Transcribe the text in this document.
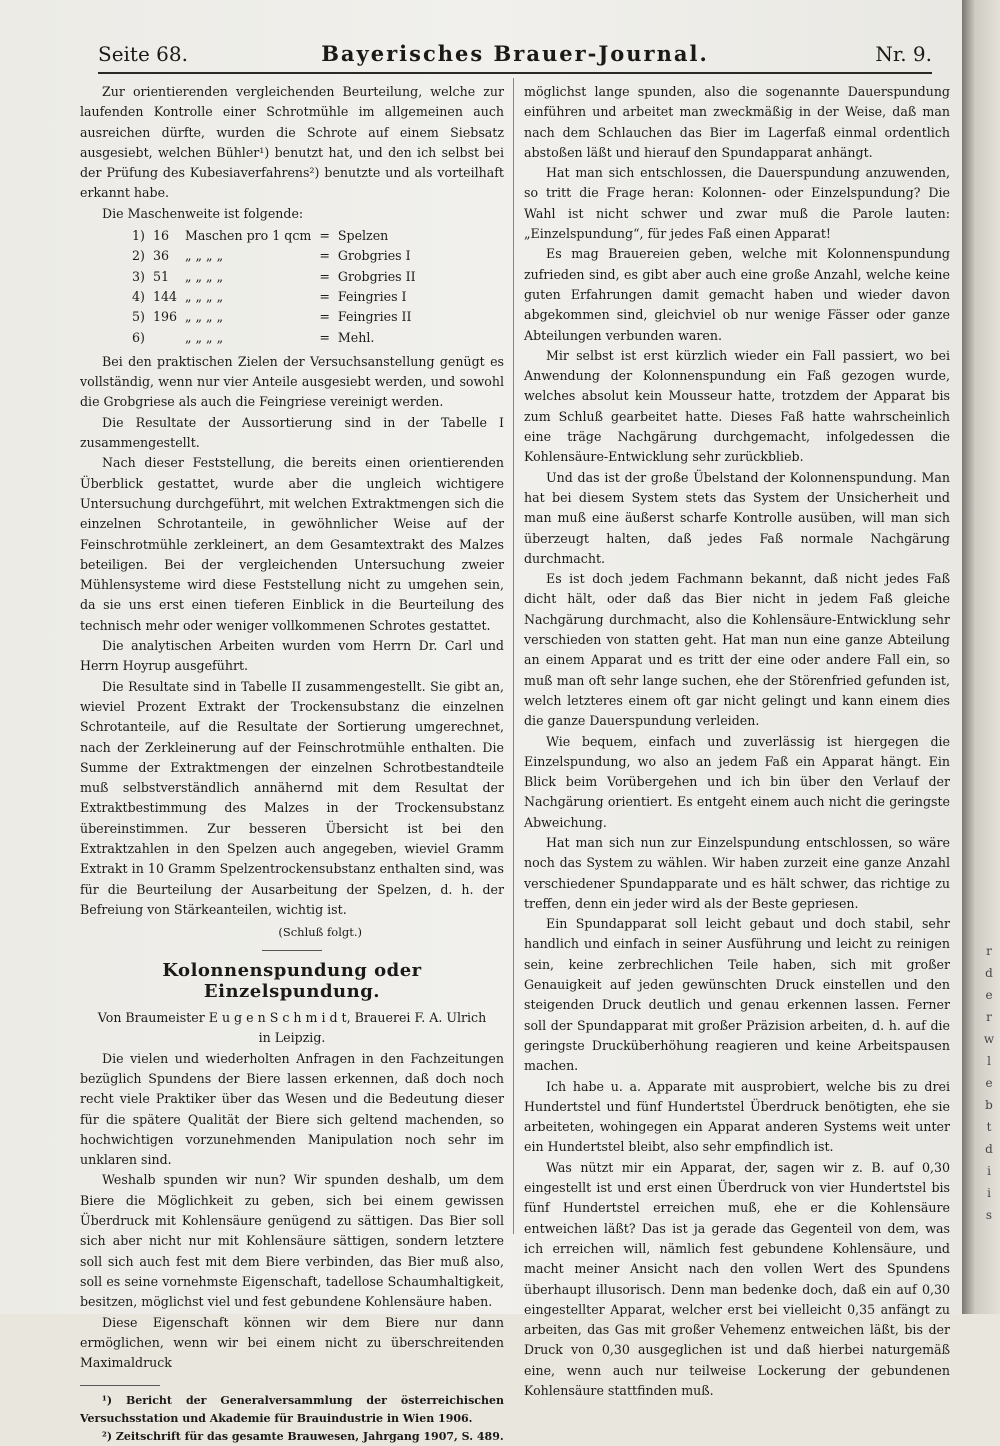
Seite 68.	Bayerisches Brauer-Journal.	Nr. 9.

Zur orientierenden vergleichenden Beurteilung, welche zur laufenden Kontrolle einer Schrotmühle im allgemeinen auch ausreichen dürfte, wurden die Schrote auf einem Siebsatz ausgesiebt, welchen Bühler¹) benutzt hat, und den ich selbst bei der Prüfung des Kubesiaverfahrens²) benutzte und als vorteilhaft erkannt habe.

Die Maschenweite ist folgende:

1)	16	Maschen pro 1 qcm	=	Spelzen
2)	36	„ „ „ „	=	Grobgries I
3)	51	„ „ „ „	=	Grobgries II
4)	144	„ „ „ „	=	Feingries I
5)	196	„ „ „ „	=	Feingries II
6)		„ „ „ „	=	Mehl.

Bei den praktischen Zielen der Versuchsanstellung genügt es vollständig, wenn nur vier Anteile ausgesiebt werden, und sowohl die Grobgriese als auch die Feingriese vereinigt werden.

Die Resultate der Aussortierung sind in der Tabelle I zusammengestellt.

Nach dieser Feststellung, die bereits einen orientierenden Überblick gestattet, wurde aber die ungleich wichtigere Untersuchung durchgeführt, mit welchen Extraktmengen sich die einzelnen Schrotanteile, in gewöhnlicher Weise auf der Feinschrotmühle zerkleinert, an dem Gesamtextrakt des Malzes beteiligen. Bei der vergleichenden Untersuchung zweier Mühlensysteme wird diese Feststellung nicht zu umgehen sein, da sie uns erst einen tieferen Einblick in die Beurteilung des technisch mehr oder weniger vollkommenen Schrotes gestattet.

Die analytischen Arbeiten wurden vom Herrn Dr. Carl und Herrn Hoyrup ausgeführt.

Die Resultate sind in Tabelle II zusammengestellt. Sie gibt an, wieviel Prozent Extrakt der Trockensubstanz die einzelnen Schrotanteile, auf die Resultate der Sortierung umgerechnet, nach der Zerkleinerung auf der Feinschrotmühle enthalten. Die Summe der Extraktmengen der einzelnen Schrotbestandteile muß selbstverständlich annähernd mit dem Resultat der Extraktbestimmung des Malzes in der Trockensubstanz übereinstimmen. Zur besseren Übersicht ist bei den Extraktzahlen in den Spelzen auch angegeben, wieviel Gramm Extrakt in 10 Gramm Spelzentrockensubstanz enthalten sind, was für die Beurteilung der Ausarbeitung der Spelzen, d. h. der Befreiung von Stärkeanteilen, wichtig ist.

(Schluß folgt.)

Kolonnenspundung oder Einzelspundung.

Von Braumeister E u g e n S c h m i d t, Brauerei F. A. Ulrich

in Leipzig.

Die vielen und wiederholten Anfragen in den Fachzeitungen bezüglich Spundens der Biere lassen erkennen, daß doch noch recht viele Praktiker über das Wesen und die Bedeutung dieser für die spätere Qualität der Biere sich geltend machenden, so hochwichtigen vorzunehmenden Manipulation noch sehr im unklaren sind.

Weshalb spunden wir nun? Wir spunden deshalb, um dem Biere die Möglichkeit zu geben, sich bei einem gewissen Überdruck mit Kohlensäure genügend zu sättigen. Das Bier soll sich aber nicht nur mit Kohlensäure sättigen, sondern letztere soll sich auch fest mit dem Biere verbinden, das Bier muß also, soll es seine vornehmste Eigenschaft, tadellose Schaumhaltigkeit, besitzen, möglichst viel und fest gebundene Kohlensäure haben.

Diese Eigenschaft können wir dem Biere nur dann ermöglichen, wenn wir bei einem nicht zu überschreitenden Maximaldruck

¹) Bericht der Generalversammlung der österreichischen Versuchsstation und Akademie für Brauindustrie in Wien 1906.

²) Zeitschrift für das gesamte Brauwesen, Jahrgang 1907, S. 489.

möglichst lange spunden, also die sogenannte Dauerspundung einführen und arbeitet man zweckmäßig in der Weise, daß man nach dem Schlauchen das Bier im Lagerfaß einmal ordentlich abstoßen läßt und hierauf den Spundapparat anhängt.

Hat man sich entschlossen, die Dauerspundung anzuwenden, so tritt die Frage heran: Kolonnen- oder Einzelspundung? Die Wahl ist nicht schwer und zwar muß die Parole lauten: „Einzelspundung“, für jedes Faß einen Apparat!

Es mag Brauereien geben, welche mit Kolonnenspundung zufrieden sind, es gibt aber auch eine große Anzahl, welche keine guten Erfahrungen damit gemacht haben und wieder davon abgekommen sind, gleichviel ob nur wenige Fässer oder ganze Abteilungen verbunden waren.

Mir selbst ist erst kürzlich wieder ein Fall passiert, wo bei Anwendung der Kolonnenspundung ein Faß gezogen wurde, welches absolut kein Mousseur hatte, trotzdem der Apparat bis zum Schluß gearbeitet hatte. Dieses Faß hatte wahrscheinlich eine träge Nachgärung durchgemacht, infolgedessen die Kohlensäure-Entwicklung sehr zurückblieb.

Und das ist der große Übelstand der Kolonnenspundung. Man hat bei diesem System stets das System der Unsicherheit und man muß eine äußerst scharfe Kontrolle ausüben, will man sich überzeugt halten, daß jedes Faß normale Nachgärung durchmacht.

Es ist doch jedem Fachmann bekannt, daß nicht jedes Faß dicht hält, oder daß das Bier nicht in jedem Faß gleiche Nachgärung durchmacht, also die Kohlensäure-Entwicklung sehr verschieden von statten geht. Hat man nun eine ganze Abteilung an einem Apparat und es tritt der eine oder andere Fall ein, so muß man oft sehr lange suchen, ehe der Störenfried gefunden ist, welch letzteres einem oft gar nicht gelingt und kann einem dies die ganze Dauerspundung verleiden.

Wie bequem, einfach und zuverlässig ist hiergegen die Einzelspundung, wo also an jedem Faß ein Apparat hängt. Ein Blick beim Vorübergehen und ich bin über den Verlauf der Nachgärung orientiert. Es entgeht einem auch nicht die geringste Abweichung.

Hat man sich nun zur Einzelspundung entschlossen, so wäre noch das System zu wählen. Wir haben zurzeit eine ganze Anzahl verschiedener Spundapparate und es hält schwer, das richtige zu treffen, denn ein jeder wird als der Beste gepriesen.

Ein Spundapparat soll leicht gebaut und doch stabil, sehr handlich und einfach in seiner Ausführung und leicht zu reinigen sein, keine zerbrechlichen Teile haben, sich mit großer Genauigkeit auf jeden gewünschten Druck einstellen und den steigenden Druck deutlich und genau erkennen lassen. Ferner soll der Spundapparat mit großer Präzision arbeiten, d. h. auf die geringste Drucküberhöhung reagieren und keine Arbeitspausen machen.

Ich habe u. a. Apparate mit ausprobiert, welche bis zu drei Hundertstel und fünf Hundertstel Überdruck benötigten, ehe sie arbeiteten, wohingegen ein Apparat anderen Systems weit unter ein Hundertstel bleibt, also sehr empfindlich ist.

Was nützt mir ein Apparat, der, sagen wir z. B. auf 0,30 eingestellt ist und erst einen Überdruck von vier Hundertstel bis fünf Hundertstel erreichen muß, ehe er die Kohlensäure entweichen läßt? Das ist ja gerade das Gegenteil von dem, was ich erreichen will, nämlich fest gebundene Kohlensäure, und macht meiner Ansicht nach den vollen Wert des Spundens überhaupt illusorisch. Denn man bedenke doch, daß ein auf 0,30 eingestellter Apparat, welcher erst bei vielleicht 0,35 anfängt zu arbeiten, das Gas mit großer Vehemenz entweichen läßt, bis der Druck von 0,30 ausgeglichen ist und daß hierbei naturgemäß eine, wenn auch nur teilweise Lockerung der gebundenen Kohlensäure stattfinden muß.

r
d
e
r
w
l
e
b
t
d
i
i
s
